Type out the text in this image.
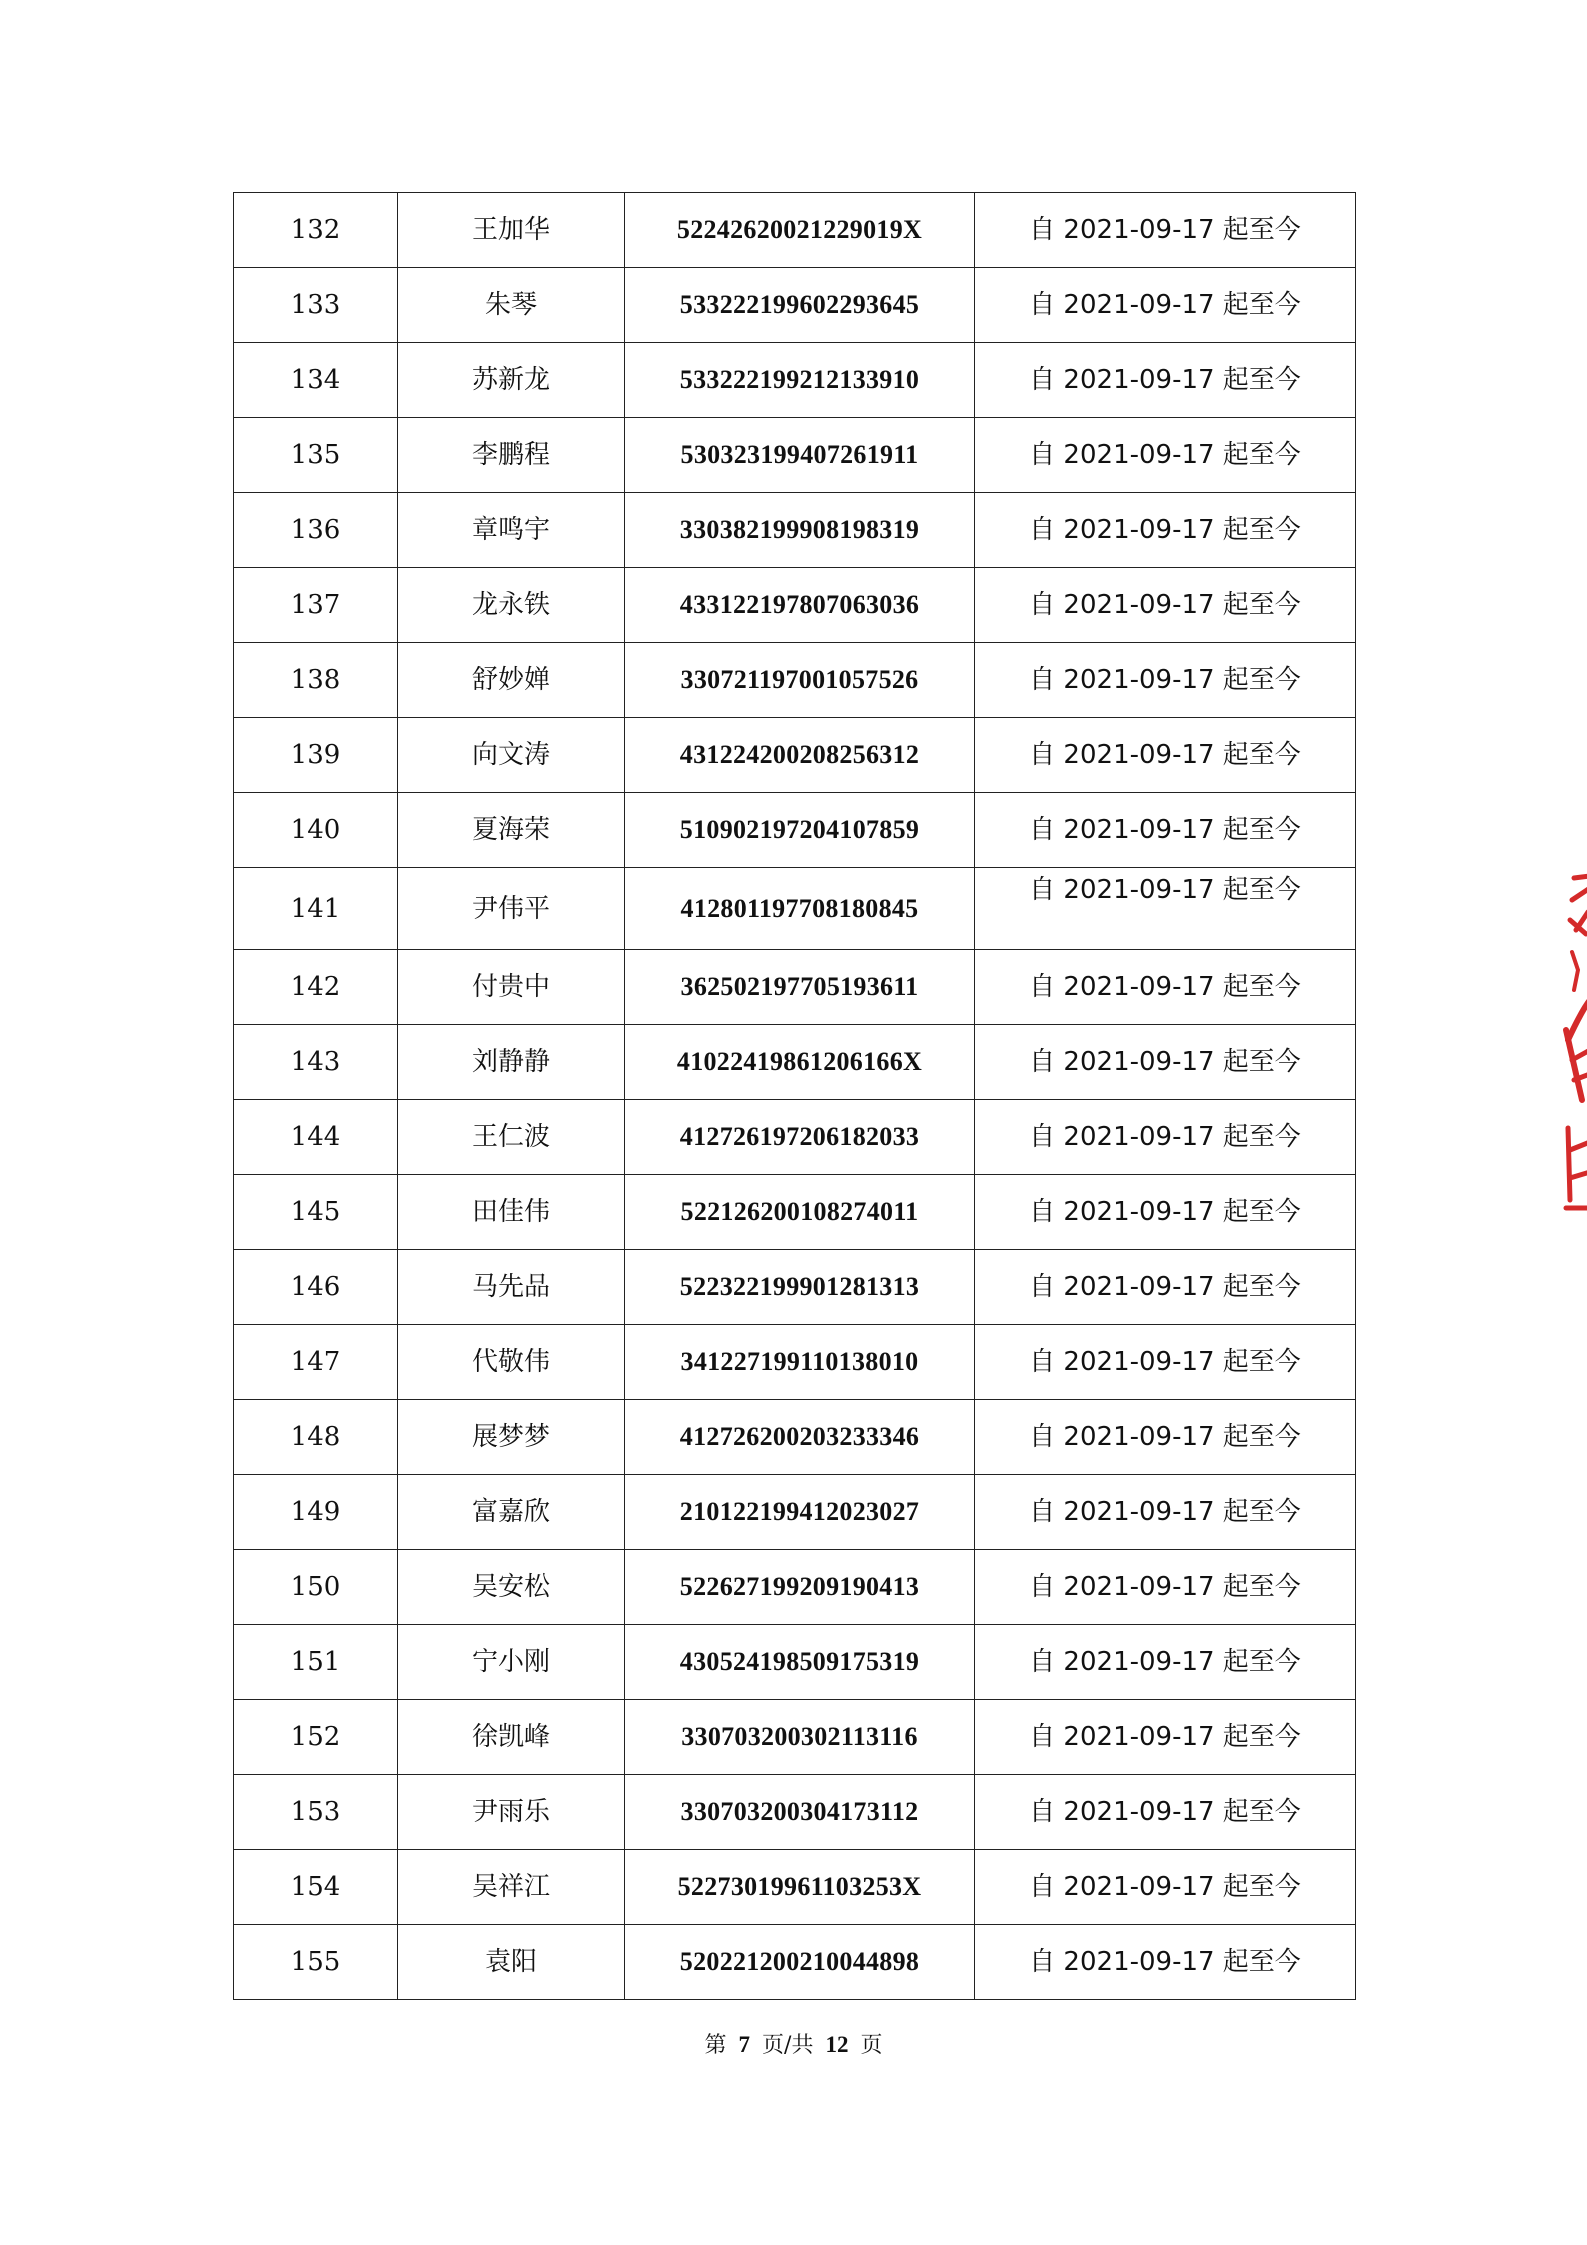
132	王加华	52242620021229019X	自 2021-09-17 起至今
133	朱琴	533222199602293645	自 2021-09-17 起至今
134	苏新龙	533222199212133910	自 2021-09-17 起至今
135	李鹏程	530323199407261911	自 2021-09-17 起至今
136	章鸣宇	330382199908198319	自 2021-09-17 起至今
137	龙永铁	433122197807063036	自 2021-09-17 起至今
138	舒妙婵	330721197001057526	自 2021-09-17 起至今
139	向文涛	431224200208256312	自 2021-09-17 起至今
140	夏海荣	510902197204107859	自 2021-09-17 起至今
141	尹伟平	412801197708180845	自 2021-09-17 起至今
142	付贵中	362502197705193611	自 2021-09-17 起至今
143	刘静静	41022419861206166X	自 2021-09-17 起至今
144	王仁波	412726197206182033	自 2021-09-17 起至今
145	田佳伟	522126200108274011	自 2021-09-17 起至今
146	马先品	522322199901281313	自 2021-09-17 起至今
147	代敬伟	341227199110138010	自 2021-09-17 起至今
148	展梦梦	412726200203233346	自 2021-09-17 起至今
149	富嘉欣	210122199412023027	自 2021-09-17 起至今
150	吴安松	522627199209190413	自 2021-09-17 起至今
151	宁小刚	430524198509175319	自 2021-09-17 起至今
152	徐凯峰	330703200302113116	自 2021-09-17 起至今
153	尹雨乐	330703200304173112	自 2021-09-17 起至今
154	吴祥江	52273019961103253X	自 2021-09-17 起至今
155	袁阳	520221200210044898	自 2021-09-17 起至今
第 7 页/共 12 页
